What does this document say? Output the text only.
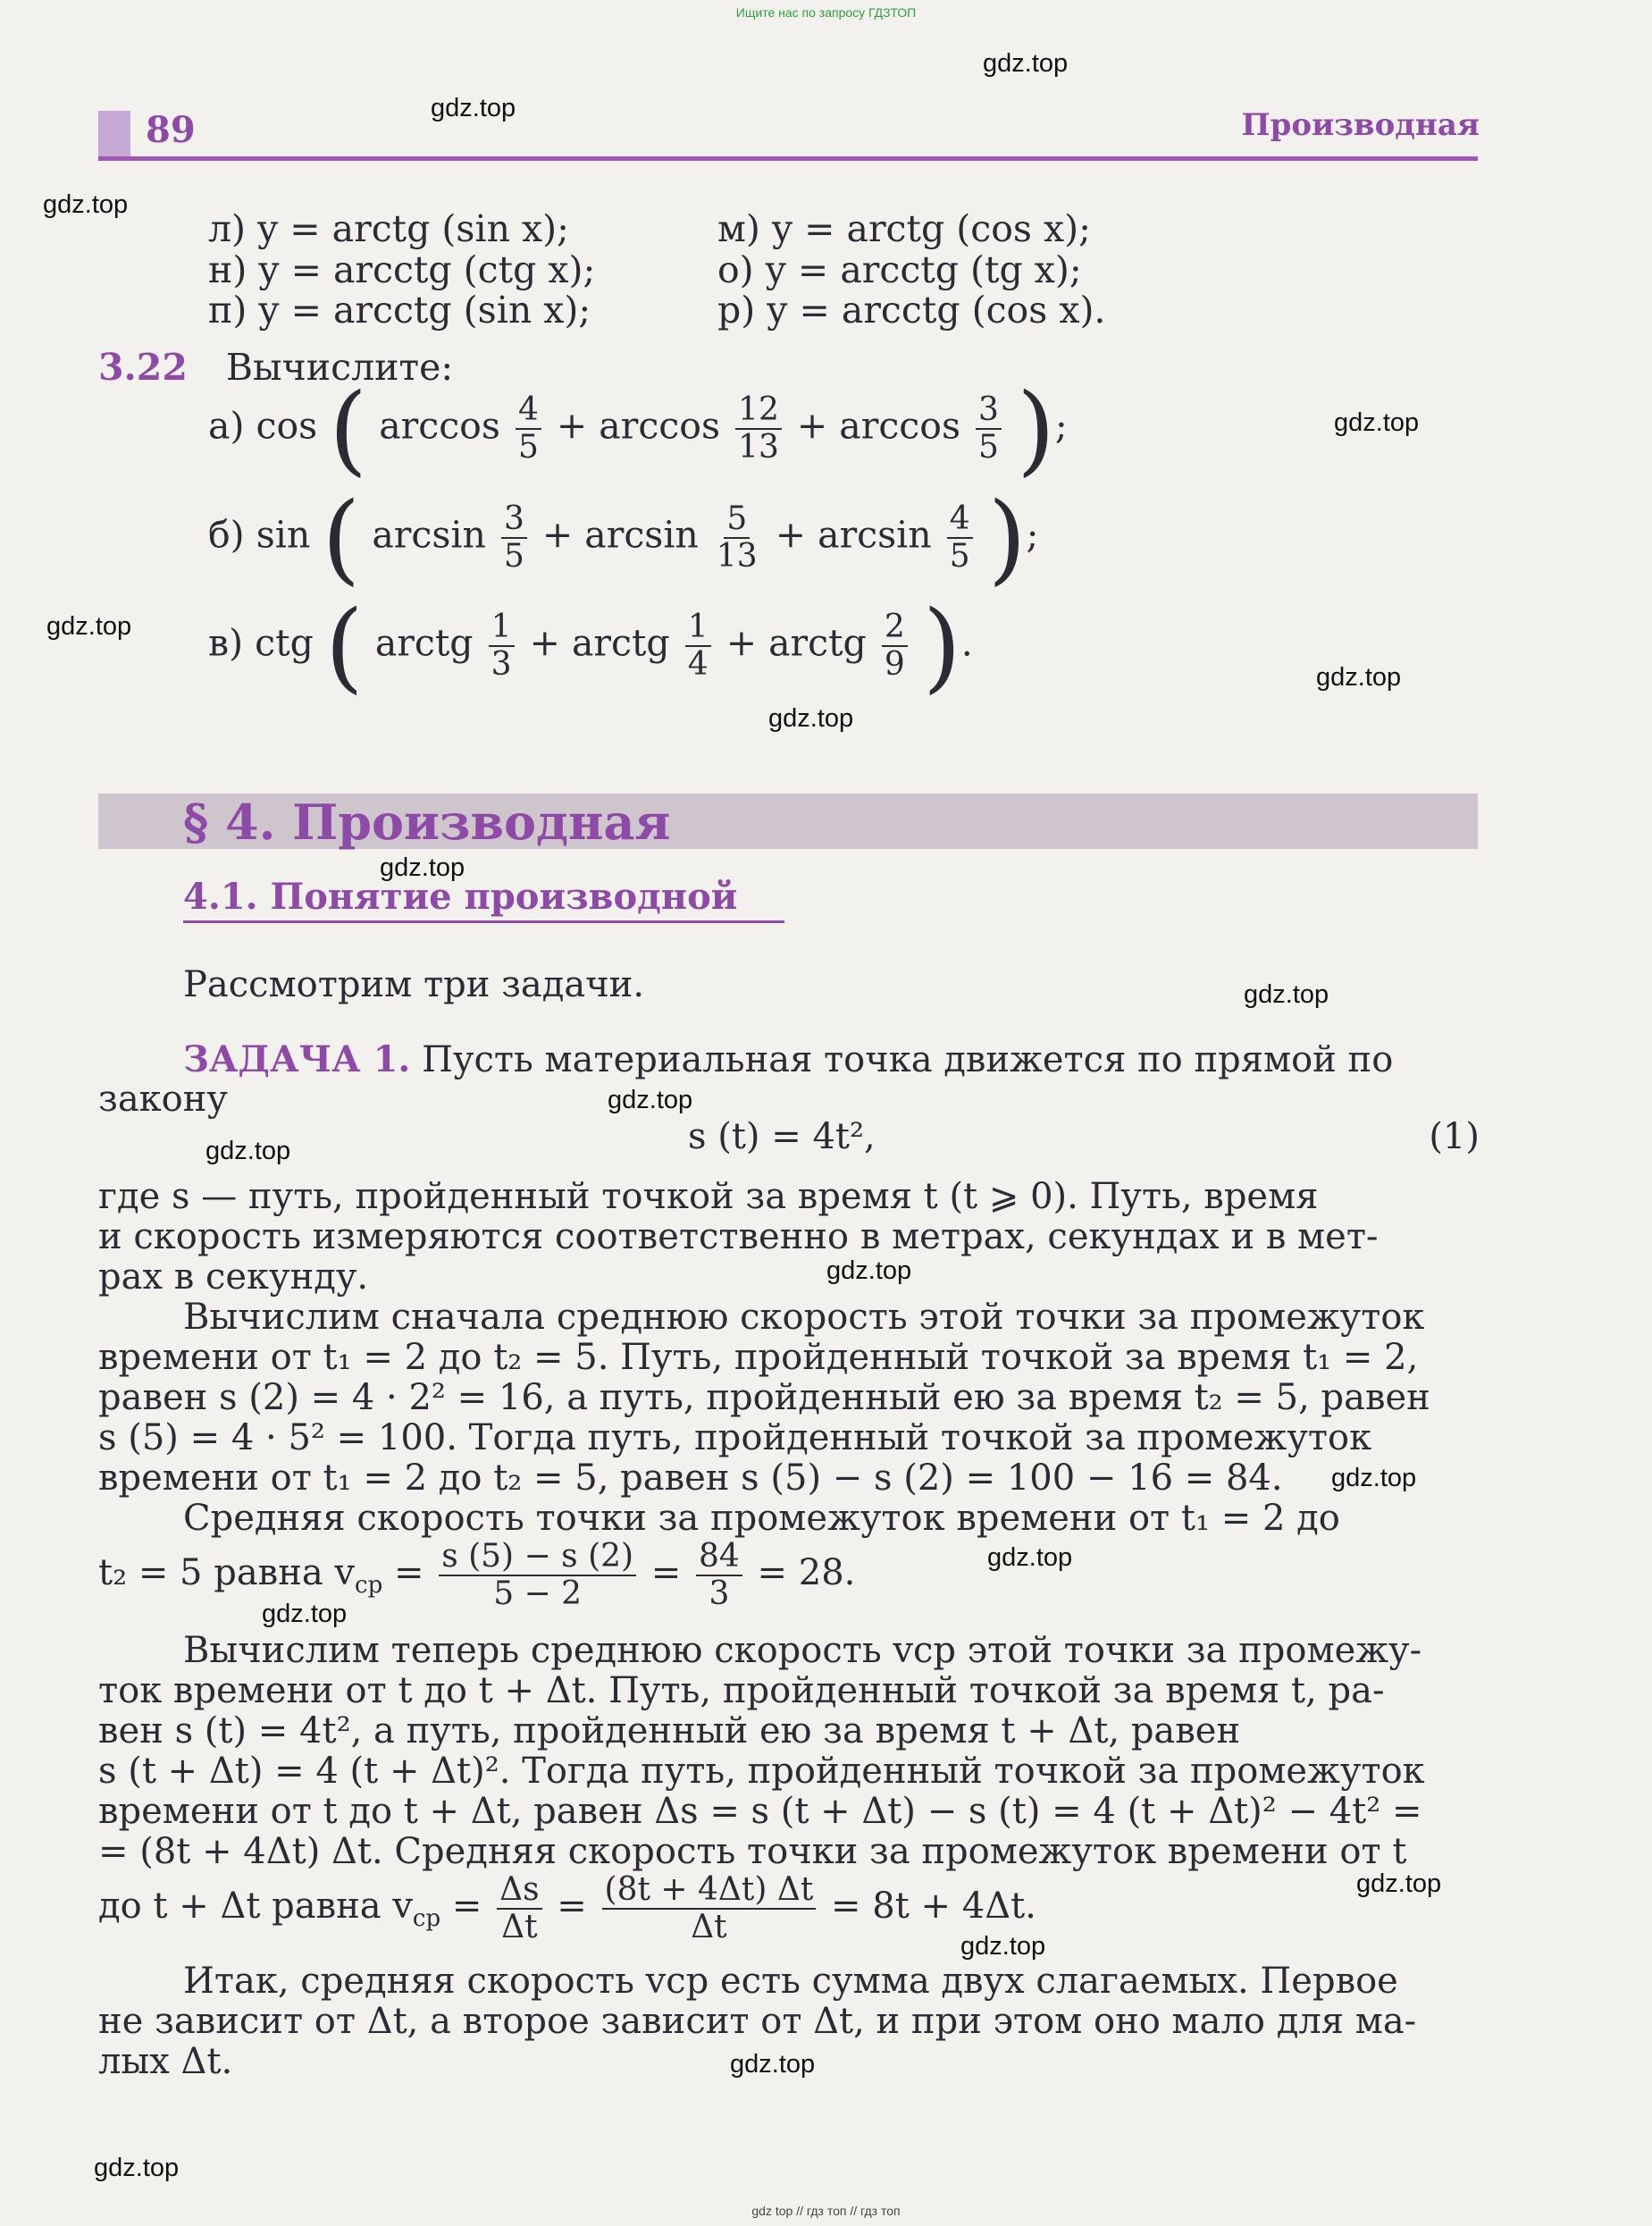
Ищите нас по запросу ГДЗТОП
gdz top // гдз топ // гдз топ
89	Производная
л) y = arctg (sin x);	м) y = arctg (cos x);
н) y = arcctg (ctg x);	о) y = arcctg (tg x);
п) y = arcctg (sin x);	р) y = arcctg (cos x).
3.22 Вычислите:
а) cos ( $\arccos \frac{4}{5} + \arccos \frac{12}{13} + \arccos \frac{3}{5}$ );
б) sin ( $\arcsin \frac{3}{5} + \arcsin \frac{5}{13} + \arcsin \frac{4}{5}$ );
в) ctg ( arctg $\frac{1}{3}$ + arctg $\frac{1}{4}$ + arctg $\frac{2}{9}$ ).
§ 4. Производная
4.1. Понятие производной
Рассмотрим три задачи.
ЗАДАЧА 1. Пусть материальная точка движется по прямой по
закону
s (t) = 4t²,	(1)
где s — путь, пройденный точкой за время t (t ⩾ 0). Путь, время
и скорость измеряются соответственно в метрах, секундах и в мет-
рах в секунду.
Вычислим сначала среднюю скорость этой точки за промежуток
времени от t₁ = 2 до t₂ = 5. Путь, пройденный точкой за время t₁ = 2,
равен s (2) = 4 · 2² = 16, а путь, пройденный ею за время t₂ = 5, равен
s (5) = 4 · 5² = 100. Тогда путь, пройденный точкой за промежуток
времени от t₁ = 2 до t₂ = 5, равен s (5) − s (2) = 100 − 16 = 84.
Средняя скорость точки за промежуток времени от t₁ = 2 до
t₂ = 5 равна $v_{ср} = \frac{s (5) - s (2)}{5 - 2} = \frac{84}{3} = 28$.
Вычислим теперь среднюю скорость vср этой точки за промежу-
ток времени от t до t + Δt. Путь, пройденный точкой за время t, ра-
вен s (t) = 4t², а путь, пройденный ею за время t + Δt, равен
s (t + Δt) = 4 (t + Δt)². Тогда путь, пройденный точкой за промежуток
времени от t до t + Δt, равен Δs = s (t + Δt) − s (t) = 4 (t + Δt)² − 4t² =
= (8t + 4Δt) Δt. Средняя скорость точки за промежуток времени от t
до t + Δt равна $v_{ср} = \frac{\Delta s}{\Delta t} = \frac{(8t + 4\Delta t) \Delta t}{\Delta t} = 8t + 4\Delta t$.
Итак, средняя скорость vср есть сумма двух слагаемых. Первое
не зависит от Δt, а второе зависит от Δt, и при этом оно мало для ма-
лых Δt.
gdz.top
gdz.top
gdz.top
gdz.top
gdz.top
gdz.top
gdz.top
gdz.top
gdz.top
gdz.top
gdz.top
gdz.top
gdz.top
gdz.top
gdz.top
gdz.top
gdz.top
gdz.top
gdz.top
